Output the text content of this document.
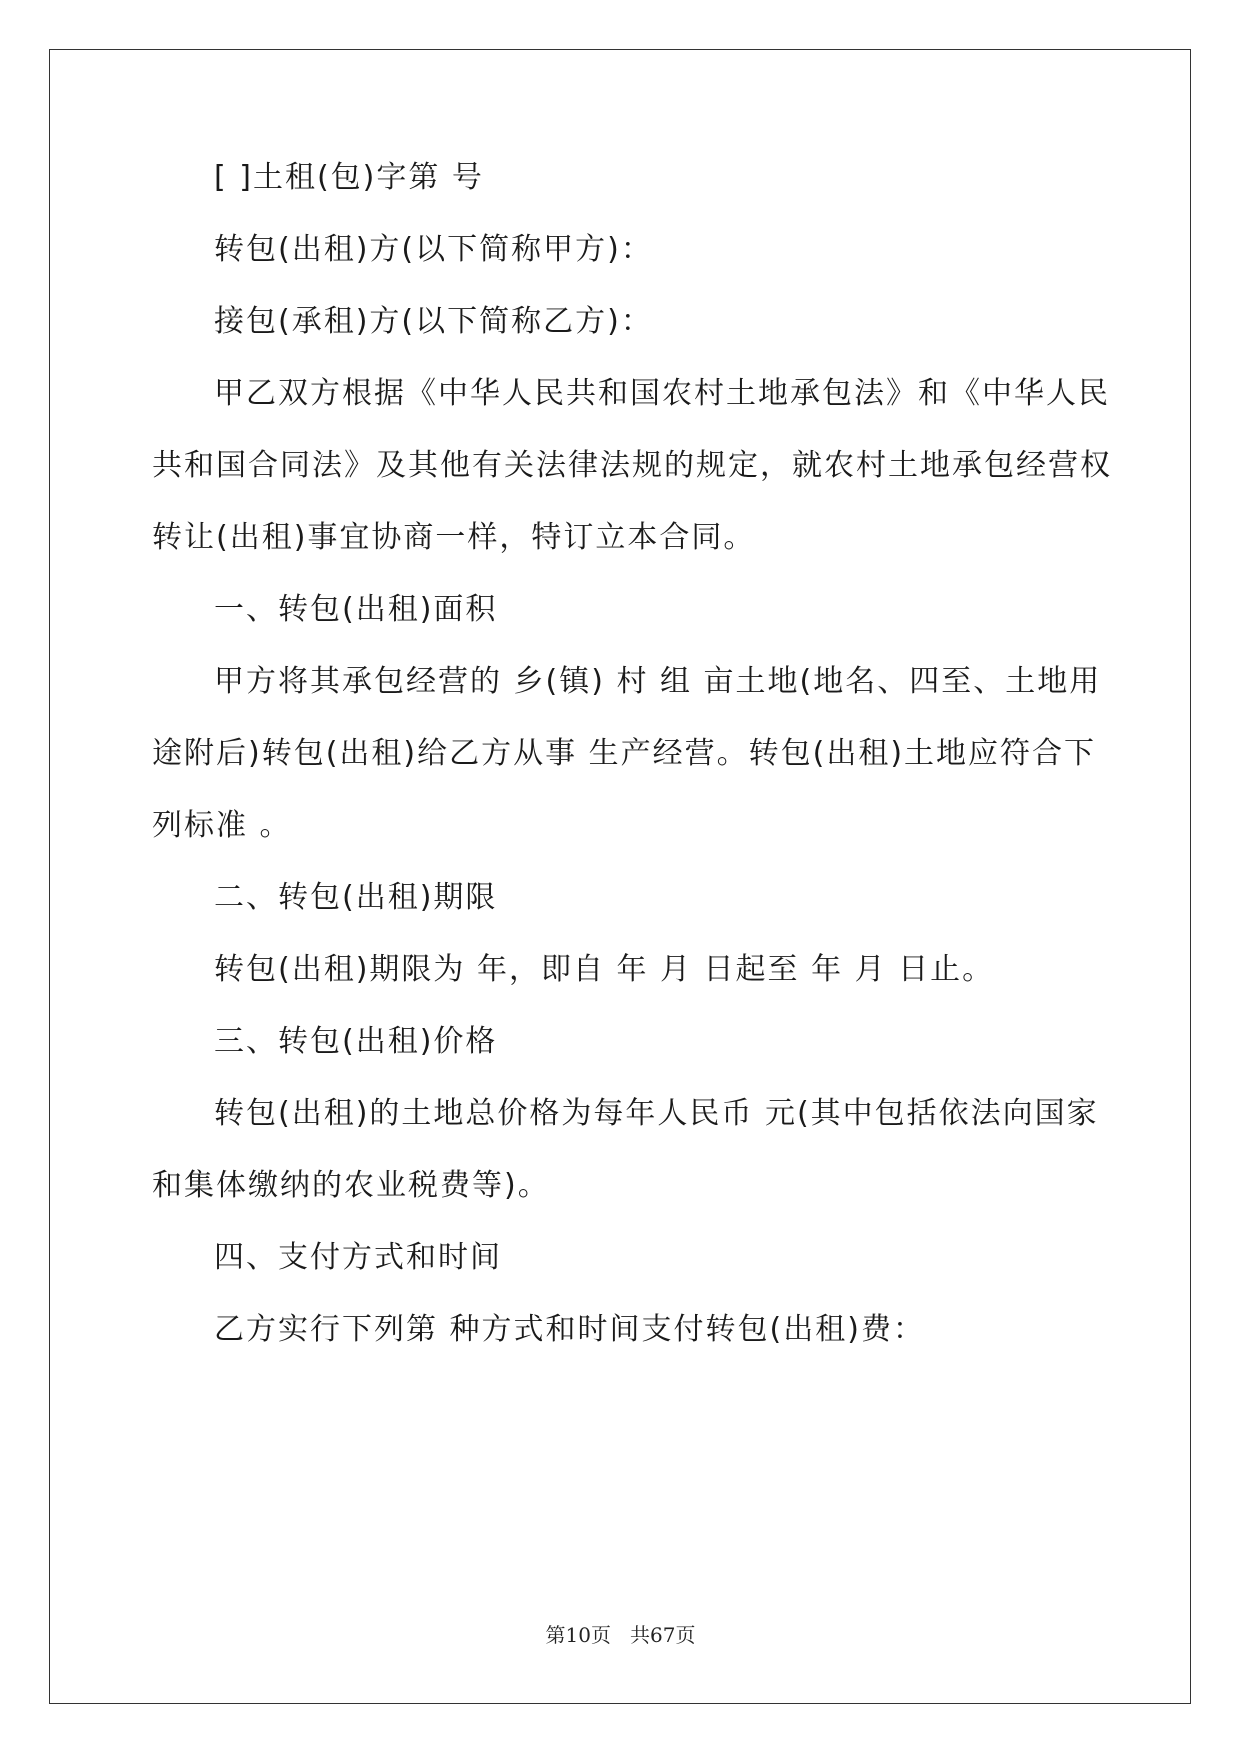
[ ]土租(包)字第 号
转包(出租)方(以下简称甲方)：
接包(承租)方(以下简称乙方)：
甲乙双方根据《中华人民共和国农村土地承包法》和《中华人民
共和国合同法》及其他有关法律法规的规定，就农村土地承包经营权
转让(出租)事宜协商一样，特订立本合同。
一、转包(出租)面积
甲方将其承包经营的 乡(镇) 村 组 亩土地(地名、四至、土地用
途附后)转包(出租)给乙方从事 生产经营。转包(出租)土地应符合下
列标准 。
二、转包(出租)期限
转包(出租)期限为 年，即自 年 月 日起至 年 月 日止。
三、转包(出租)价格
转包(出租)的土地总价格为每年人民币 元(其中包括依法向国家
和集体缴纳的农业税费等)。
四、支付方式和时间
乙方实行下列第 种方式和时间支付转包(出租)费：
第10页   共67页
